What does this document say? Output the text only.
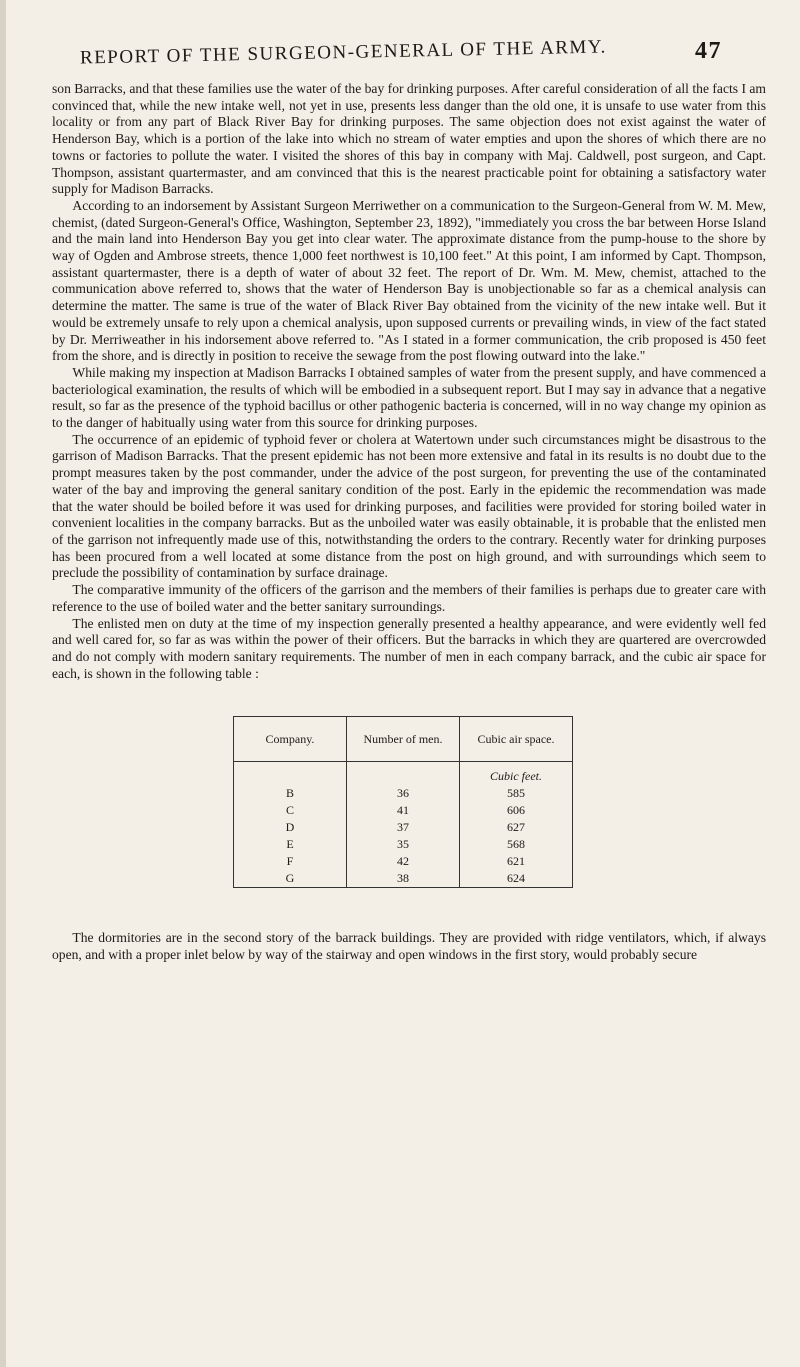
REPORT OF THE SURGEON-GENERAL OF THE ARMY.	47

son Barracks, and that these families use the water of the bay for drinking purposes. After careful consideration of all the facts I am convinced that, while the new intake well, not yet in use, presents less danger than the old one, it is unsafe to use water from this locality or from any part of Black River Bay for drinking purposes. The same objection does not exist against the water of Henderson Bay, which is a portion of the lake into which no stream of water empties and upon the shores of which there are no towns or factories to pollute the water. I visited the shores of this bay in company with Maj. Caldwell, post surgeon, and Capt. Thompson, assistant quartermaster, and am convinced that this is the nearest practicable point for obtaining a satisfactory water supply for Madison Barracks.

According to an indorsement by Assistant Surgeon Merriwether on a communication to the Surgeon-General from W. M. Mew, chemist, (dated Surgeon-General's Office, Washington, September 23, 1892), "immediately you cross the bar between Horse Island and the main land into Henderson Bay you get into clear water. The approximate distance from the pump-house to the shore by way of Ogden and Ambrose streets, thence 1,000 feet northwest is 10,100 feet." At this point, I am informed by Capt. Thompson, assistant quartermaster, there is a depth of water of about 32 feet. The report of Dr. Wm. M. Mew, chemist, attached to the communication above referred to, shows that the water of Henderson Bay is unobjectionable so far as a chemical analysis can determine the matter. The same is true of the water of Black River Bay obtained from the vicinity of the new intake well. But it would be extremely unsafe to rely upon a chemical analysis, upon supposed currents or prevailing winds, in view of the fact stated by Dr. Merriweather in his indorsement above referred to. "As I stated in a former communication, the crib proposed is 450 feet from the shore, and is directly in position to receive the sewage from the post flowing outward into the lake."

While making my inspection at Madison Barracks I obtained samples of water from the present supply, and have commenced a bacteriological examination, the results of which will be embodied in a subsequent report. But I may say in advance that a negative result, so far as the presence of the typhoid bacillus or other pathogenic bacteria is concerned, will in no way change my opinion as to the danger of habitually using water from this source for drinking purposes.

The occurrence of an epidemic of typhoid fever or cholera at Watertown under such circumstances might be disastrous to the garrison of Madison Barracks. That the present epidemic has not been more extensive and fatal in its results is no doubt due to the prompt measures taken by the post commander, under the advice of the post surgeon, for preventing the use of the contaminated water of the bay and improving the general sanitary condition of the post. Early in the epidemic the recommendation was made that the water should be boiled before it was used for drinking purposes, and facilities were provided for storing boiled water in convenient localities in the company barracks. But as the unboiled water was easily obtainable, it is probable that the enlisted men of the garrison not infrequently made use of this, notwithstanding the orders to the contrary. Recently water for drinking purposes has been procured from a well located at some distance from the post on high ground, and with surroundings which seem to preclude the possibility of contamination by surface drainage.

The comparative immunity of the officers of the garrison and the members of their families is perhaps due to greater care with reference to the use of boiled water and the better sanitary surroundings.

The enlisted men on duty at the time of my inspection generally presented a healthy appearance, and were evidently well fed and well cared for, so far as was within the power of their officers. But the barracks in which they are quartered are overcrowded and do not comply with modern sanitary requirements. The number of men in each company barrack, and the cubic air space for each, is shown in the following table :

Company.	Number of men.	Cubic air space.
		Cubic feet.
B	36	585
C	41	606
D	37	627
E	35	568
F	42	621
G	38	624

The dormitories are in the second story of the barrack buildings. They are provided with ridge ventilators, which, if always open, and with a proper inlet below by way of the stairway and open windows in the first story, would probably secure
